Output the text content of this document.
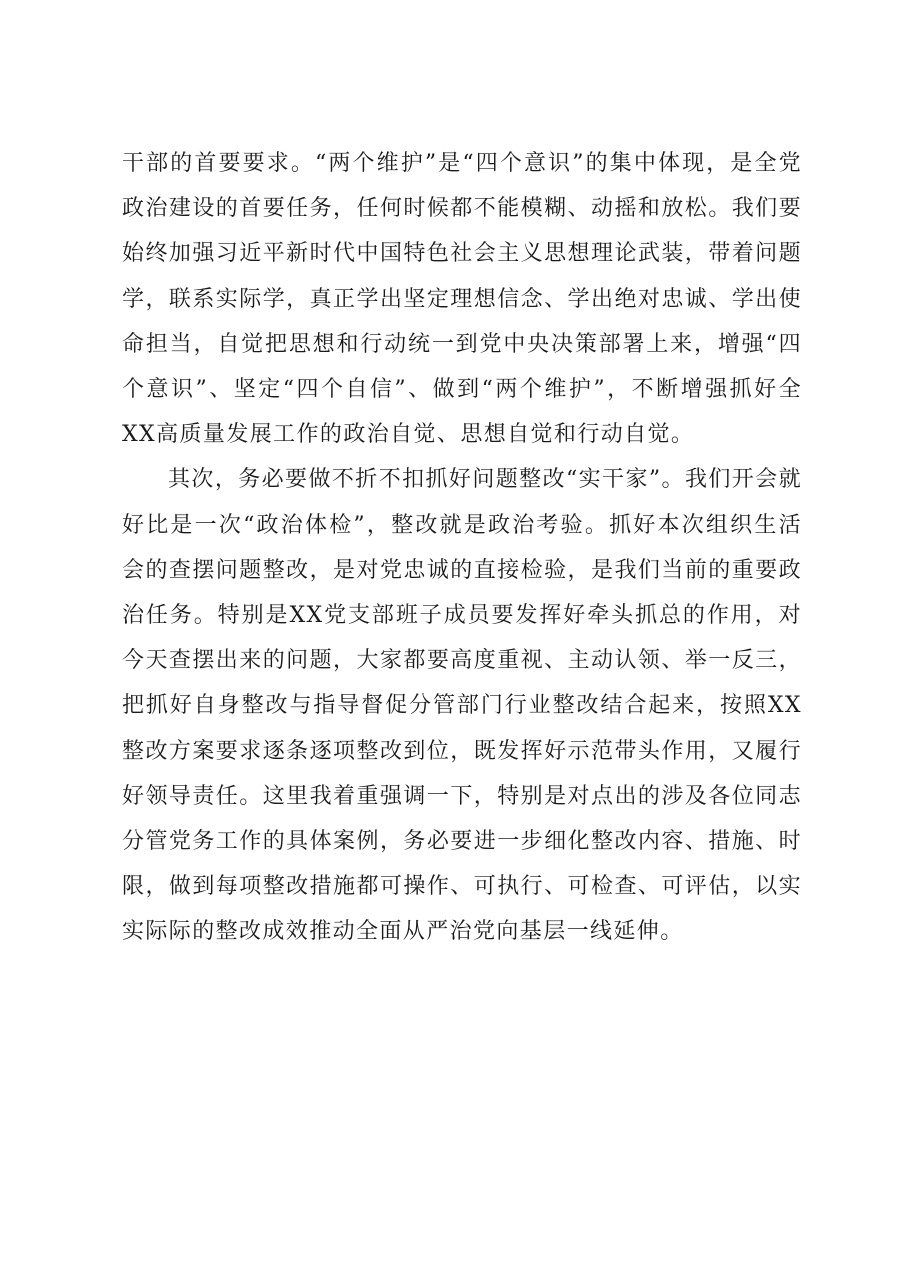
干部的首要要求。“两个维护”是“四个意识”的集中体现，是全党政治建设的首要任务，任何时候都不能模糊、动摇和放松。我们要始终加强习近平新时代中国特色社会主义思想理论武装，带着问题学，联系实际学，真正学出坚定理想信念、学出绝对忠诚、学出使命担当，自觉把思想和行动统一到党中央决策部署上来，增强“四个意识”、坚定“四个自信”、做到“两个维护”，不断增强抓好全XX高质量发展工作的政治自觉、思想自觉和行动自觉。

其次，务必要做不折不扣抓好问题整改“实干家”。我们开会就好比是一次“政治体检”，整改就是政治考验。抓好本次组织生活会的查摆问题整改，是对党忠诚的直接检验，是我们当前的重要政治任务。特别是XX党支部班子成员要发挥好牵头抓总的作用，对今天查摆出来的问题，大家都要高度重视、主动认领、举一反三，把抓好自身整改与指导督促分管部门行业整改结合起来，按照XX整改方案要求逐条逐项整改到位，既发挥好示范带头作用，又履行好领导责任。这里我着重强调一下，特别是对点出的涉及各位同志分管党务工作的具体案例，务必要进一步细化整改内容、措施、时限，做到每项整改措施都可操作、可执行、可检查、可评估，以实实际际的整改成效推动全面从严治党向基层一线延伸。
